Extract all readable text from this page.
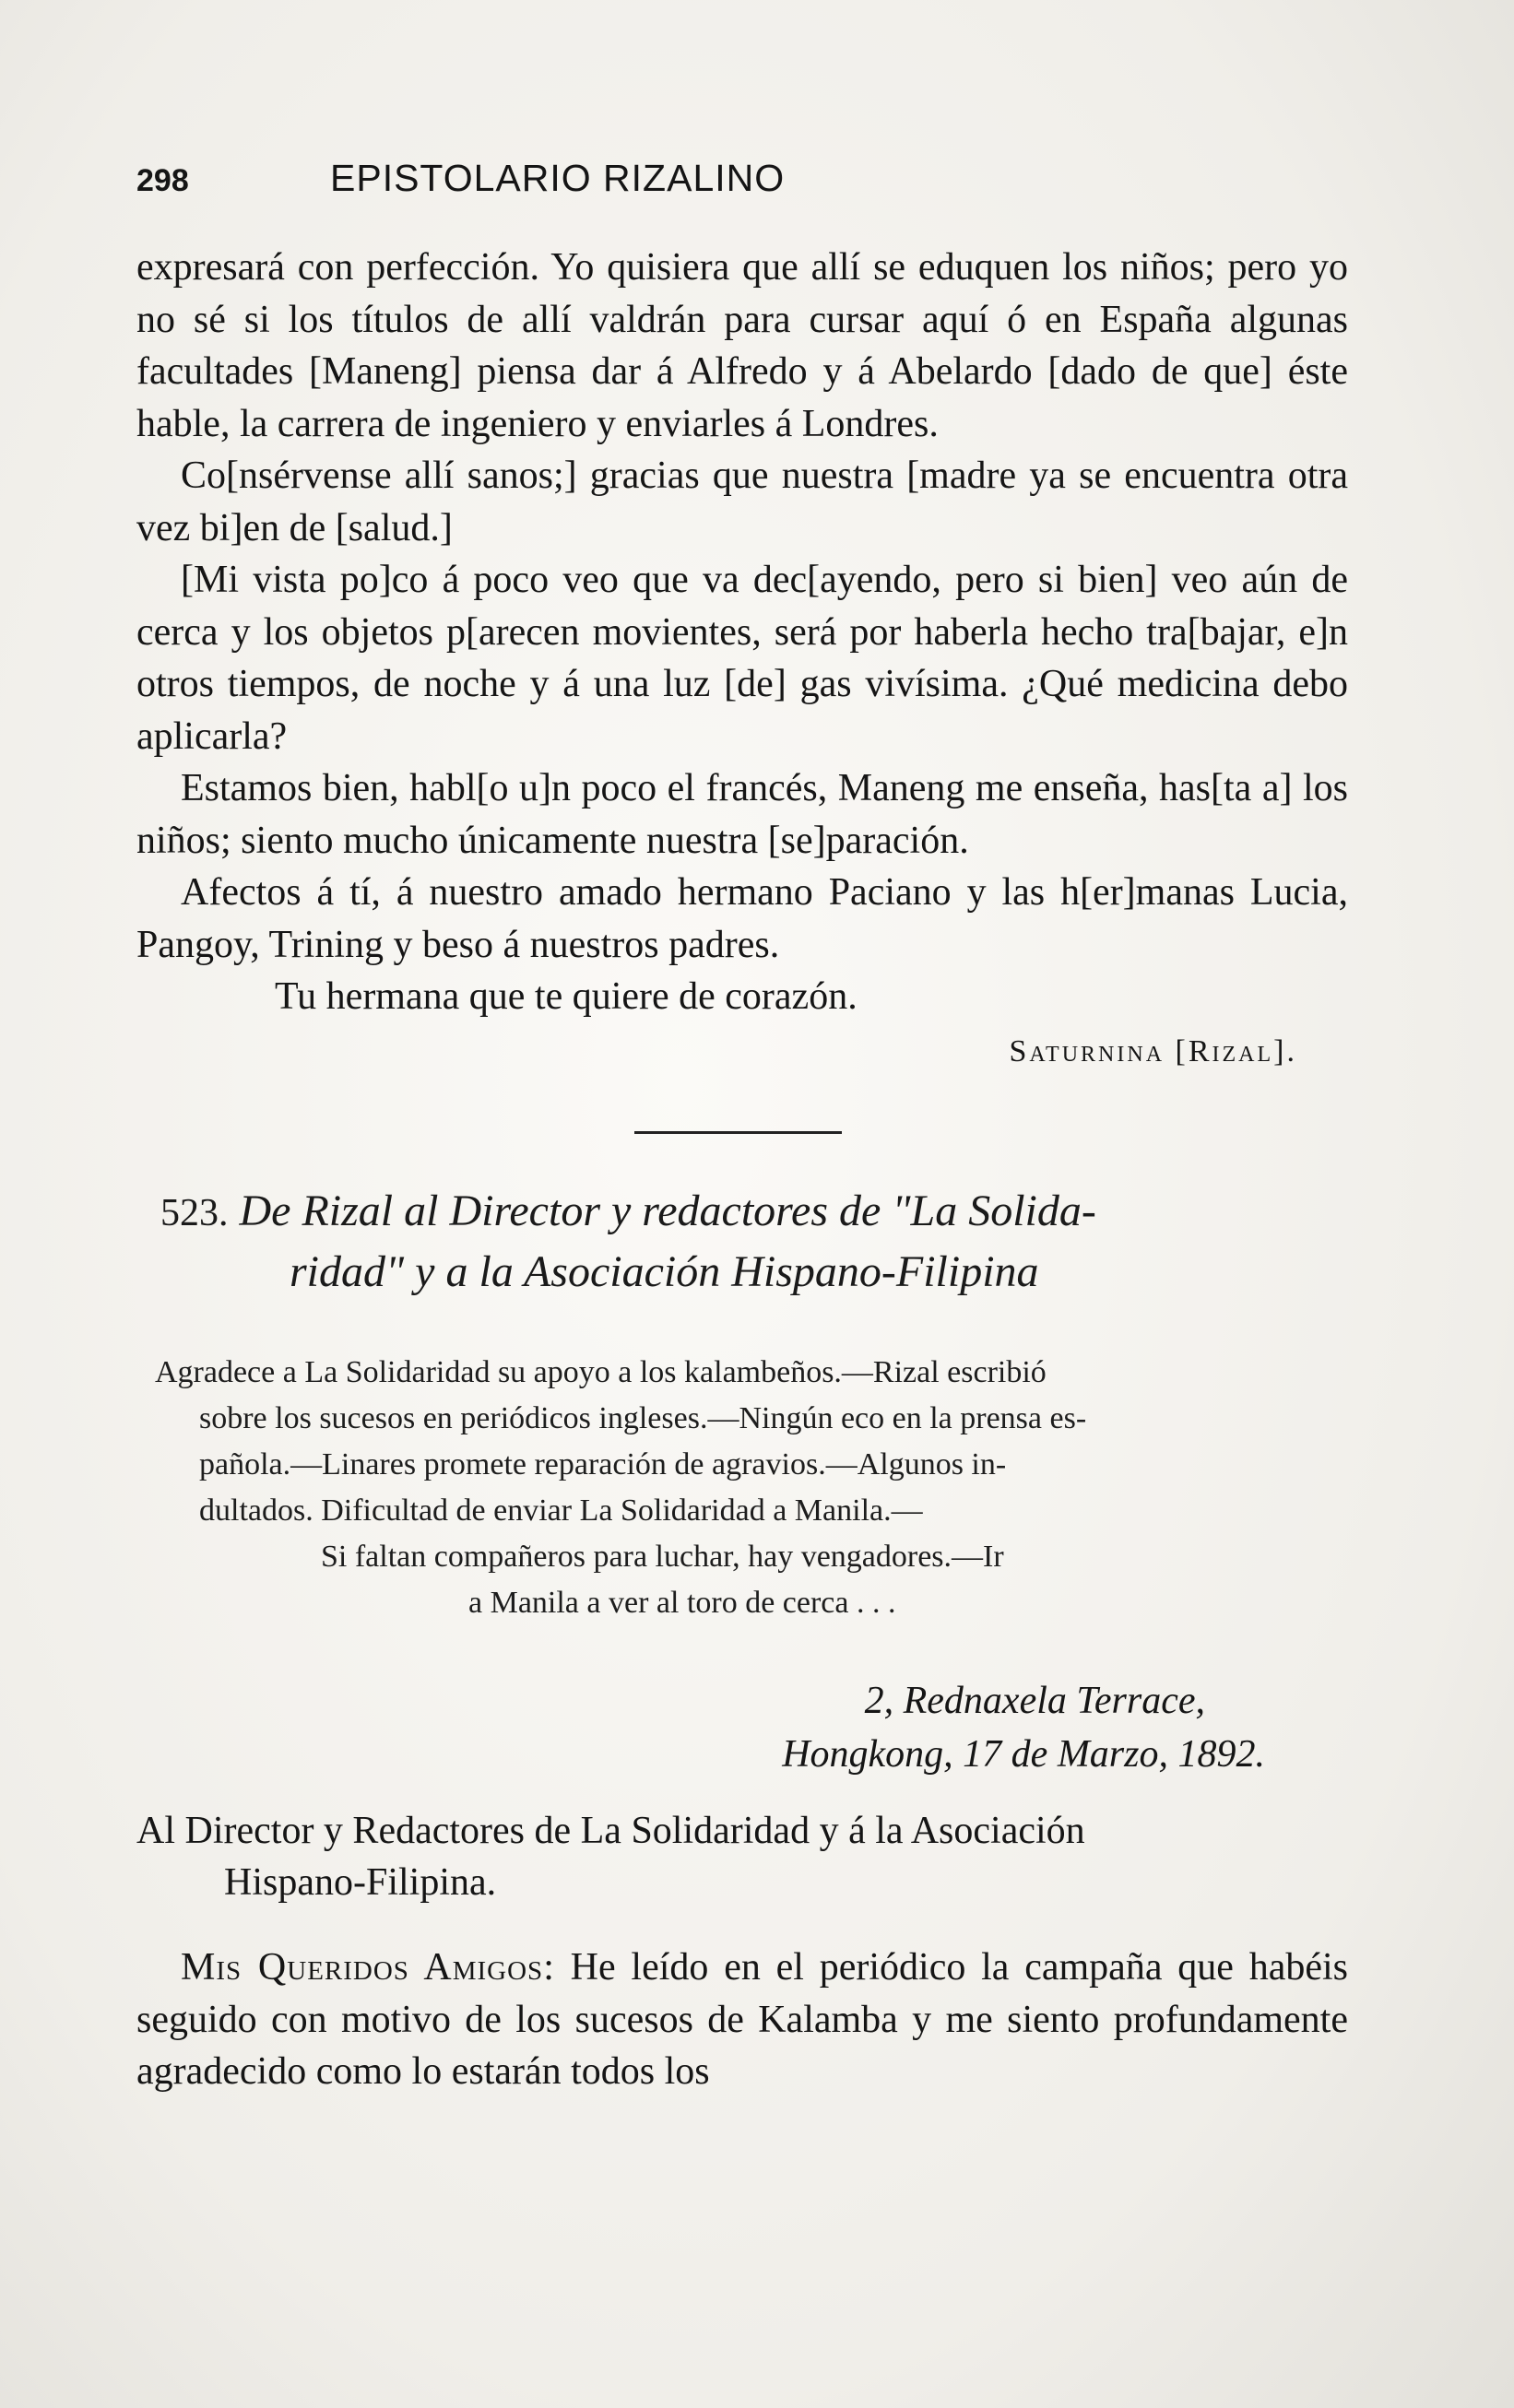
298	EPISTOLARIO RIZALINO

expresará con perfección. Yo quisiera que allí se eduquen los niños; pero yo no sé si los títulos de allí valdrán para cursar aquí ó en España algunas facultades [Maneng] piensa dar á Alfredo y á Abelardo [dado de que] éste hable, la carrera de ingeniero y enviarles á Londres.

Co[nsérvense allí sanos;] gracias que nuestra [madre ya se encuentra otra vez bi]en de [salud.]

[Mi vista po]co á poco veo que va dec[ayendo, pero si bien] veo aún de cerca y los objetos p[arecen movientes, será por haberla hecho tra[bajar, e]n otros tiempos, de noche y á una luz [de] gas vivísima. ¿Qué medicina debo aplicarla?

Estamos bien, habl[o u]n poco el francés, Maneng me enseña, has[ta a] los niños; siento mucho únicamente nuestra [se]paración.

Afectos á tí, á nuestro amado hermano Paciano y las h[er]manas Lucia, Pangoy, Trining y beso á nuestros padres.

Tu hermana que te quiere de corazón.

Saturnina [Rizal].

523. De Rizal al Director y redactores de "La Solida-
ridad" y a la Asociación Hispano-Filipina
Agradece a La Solidaridad su apoyo a los kalambeños.—Rizal escribió
sobre los sucesos en periódicos ingleses.—Ningún eco en la prensa es-
pañola.—Linares promete reparación de agravios.—Algunos in-
dultados. Dificultad de enviar La Solidaridad a Manila.—
Si faltan compañeros para luchar, hay vengadores.—Ir
a Manila a ver al toro de cerca . . .
2, Rednaxela Terrace,
Hongkong, 17 de Marzo, 1892.
Al Director y Redactores de La Solidaridad y á la Asociación
Hispano-Filipina.

Mis Queridos Amigos: He leído en el periódico la campaña que habéis seguido con motivo de los sucesos de Kalamba y me siento profundamente agradecido como lo estarán todos los
